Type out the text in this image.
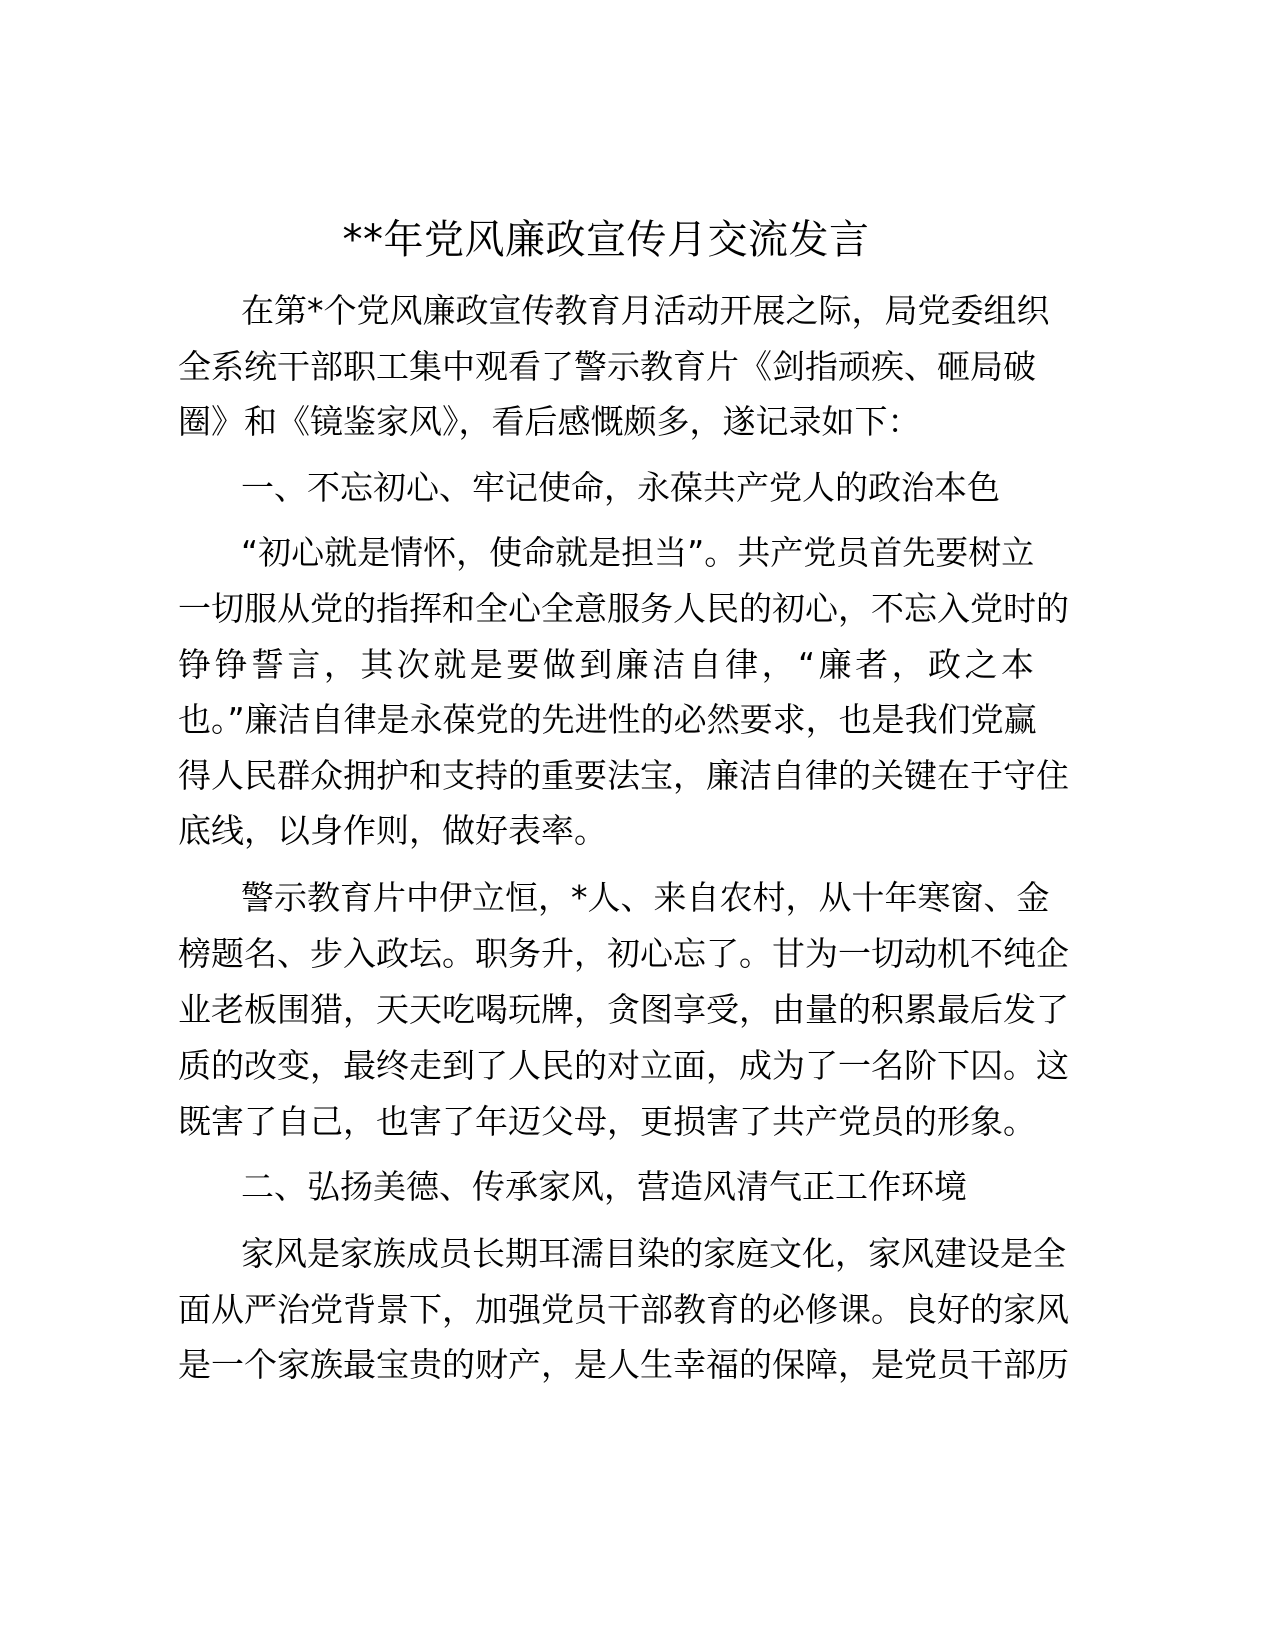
**年党风廉政宣传月交流发言

在第*个党风廉政宣传教育月活动开展之际，局党委组织

全系统干部职工集中观看了警示教育片《剑指顽疾、砸局破

圈》和《镜鉴家风》，看后感慨颇多，遂记录如下：

一、不忘初心、牢记使命，永葆共产党人的政治本色

“初心就是情怀，使命就是担当”。共产党员首先要树立

一切服从党的指挥和全心全意服务人民的初心，不忘入党时的

铮铮誓言，其次就是要做到廉洁自律，“廉者，政之本

也。”廉洁自律是永葆党的先进性的必然要求，也是我们党赢

得人民群众拥护和支持的重要法宝，廉洁自律的关键在于守住

底线，以身作则，做好表率。

警示教育片中伊立恒，*人、来自农村，从十年寒窗、金

榜题名、步入政坛。职务升，初心忘了。甘为一切动机不纯企

业老板围猎，天天吃喝玩牌，贪图享受，由量的积累最后发了

质的改变，最终走到了人民的对立面，成为了一名阶下囚。这

既害了自己，也害了年迈父母，更损害了共产党员的形象。

二、弘扬美德、传承家风，营造风清气正工作环境

家风是家族成员长期耳濡目染的家庭文化，家风建设是全

面从严治党背景下，加强党员干部教育的必修课。良好的家风

是一个家族最宝贵的财产，是人生幸福的保障，是党员干部历
